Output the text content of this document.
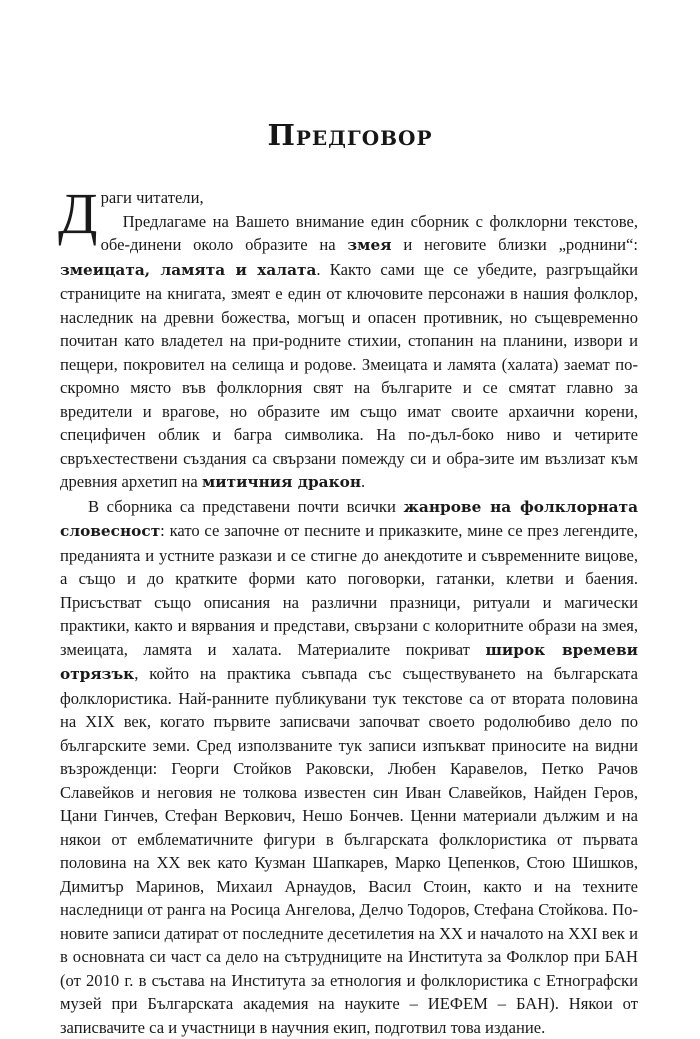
Предговор

Д раги читатели,
Предлагаме на Вашето внимание един сборник с фолклорни текстове, обе-динени около образите на змея и неговите близки „роднини“: змеицата, ламята и халата. Както сами ще се убедите, разгръщайки страниците на книгата, змеят е един от ключовите персонажи в нашия фолклор, наследник на древни божества, могъщ и опасен противник, но същевременно почитан като владетел на при-родните стихии, стопанин на планини, извори и пещери, покровител на селища и родове. Змеицата и ламята (халата) заемат по-скромно място във фолклорния свят на българите и се смятат главно за вредители и врагове, но образите им също имат своите архаични корени, специфичен облик и багра символика. На по-дъл-боко ниво и четирите свръхестествени създания са свързани помежду си и обра-зите им възлизат към древния архетип на митичния дракон.

В сборника са представени почти всички жанрове на фолклорната словесност: като се започне от песните и приказките, мине се през легендите, преданията и устните разкази и се стигне до анекдотите и съвременните вицове, а също и до кратките форми като поговорки, гатанки, клетви и баения. Присъстват също описания на различни празници, ритуали и магически практики, както и вярвания и представи, свързани с колоритните образи на змея, змеицата, ламята и халата. Материалите покриват широк времеви отрязък, който на практика съвпада със съществуването на българската фолклористика. Най-ранните публикувани тук текстове са от втората половина на XIX век, когато първите записвачи започват своето родолюбиво дело по българските земи. Сред използваните тук записи изпъкват приносите на видни възрожденци: Георги Стойков Раковски, Любен Каравелов, Петко Рачов Славейков и неговия не толкова известен син Иван Славейков, Найден Геров, Цани Гинчев, Стефан Веркович, Нешо Бончев. Ценни материали дължим и на някои от емблематичните фигури в българската фолклористика от първата половина на XX век като Кузман Шапкарев, Марко Цепенков, Стою Шишков, Димитър Маринов, Михаил Арнаудов, Васил Стоин, както и на техните наследници от ранга на Росица Ангелова, Делчо Тодоров, Стефана Стойкова. По-новите записи датират от последните десетилетия на XX и началото на XXI век и в основната си част са дело на сътрудниците на Института за Фолклор при БАН (от 2010 г. в състава на Института за етнология и фолклористика с Етнографски музей при Българската академия на науките – ИЕФЕМ – БАН). Някои от записвачите са и участници в научния екип, подготвил това издание.
